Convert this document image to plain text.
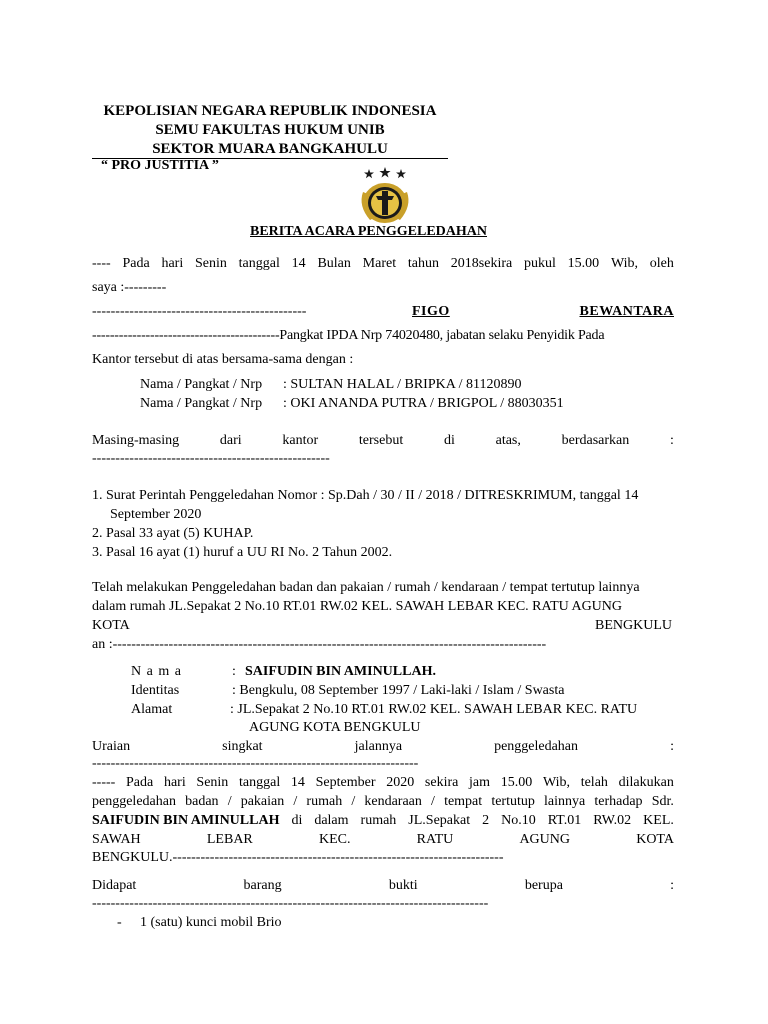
KEPOLISIAN NEGARA REPUBLIK INDONESIA
SEMU FAKULTAS HUKUM UNIB
SEKTOR MUARA BANGKAHULU
“ PRO JUSTITIA ”
BERITA ACARA PENGGELEDAHAN
---- Pada hari Senin tanggal 14 Bulan Maret tahun 2018sekira pukul 15.00 Wib, oleh
saya :---------
----------------------------------------------	FIGO	BEWANTARA
------------------------------------------Pangkat IPDA Nrp 74020480, jabatan selaku Penyidik Pada
Kantor tersebut di atas bersama-sama dengan :
Nama / Pangkat / Nrp : SULTAN HALAL / BRIPKA / 81120890
Nama / Pangkat / Nrp : OKI ANANDA PUTRA / BRIGPOL / 88030351
Masing-masing	dari	kantor	tersebut	di	atas,	berdasarkan	:
---------------------------------------------------
1. Surat Perintah Penggeledahan Nomor : Sp.Dah / 30 / II / 2018 / DITRESKRIMUM, tanggal 14
September 2020
2. Pasal 33 ayat (5) KUHAP.
3. Pasal 16 ayat (1) huruf a UU RI No. 2 Tahun 2002.
Telah melakukan Penggeledahan badan dan pakaian / rumah / kendaraan / tempat tertutup lainnya
dalam rumah JL.Sepakat 2 No.10 RT.01 RW.02 KEL. SAWAH LEBAR KEC. RATU AGUNG
KOTA	BENGKULU
an :---------------------------------------------------------------------------------------------
N a m a	: SAIFUDIN BIN AMINULLAH.
Identitas	: Bengkulu, 08 September 1997 / Laki-laki / Islam / Swasta
Alamat	: JL.Sepakat 2 No.10 RT.01 RW.02 KEL. SAWAH LEBAR KEC. RATU
AGUNG KOTA BENGKULU
Uraian	singkat	jalannya	penggeledahan	:
----------------------------------------------------------------------
----- Pada hari Senin tanggal 14 September 2020 sekira jam 15.00 Wib, telah dilakukan
penggeledahan badan / pakaian / rumah / kendaraan / tempat tertutup lainnya terhadap Sdr.
SAIFUDIN BIN AMINULLAH di dalam rumah JL.Sepakat 2 No.10 RT.01 RW.02 KEL.
SAWAH	LEBAR	KEC.	RATU	AGUNG	KOTA
BENGKULU.-----------------------------------------------------------------------
Didapat	barang	bukti	berupa	:
-------------------------------------------------------------------------------------
- 1 (satu) kunci mobil Brio
